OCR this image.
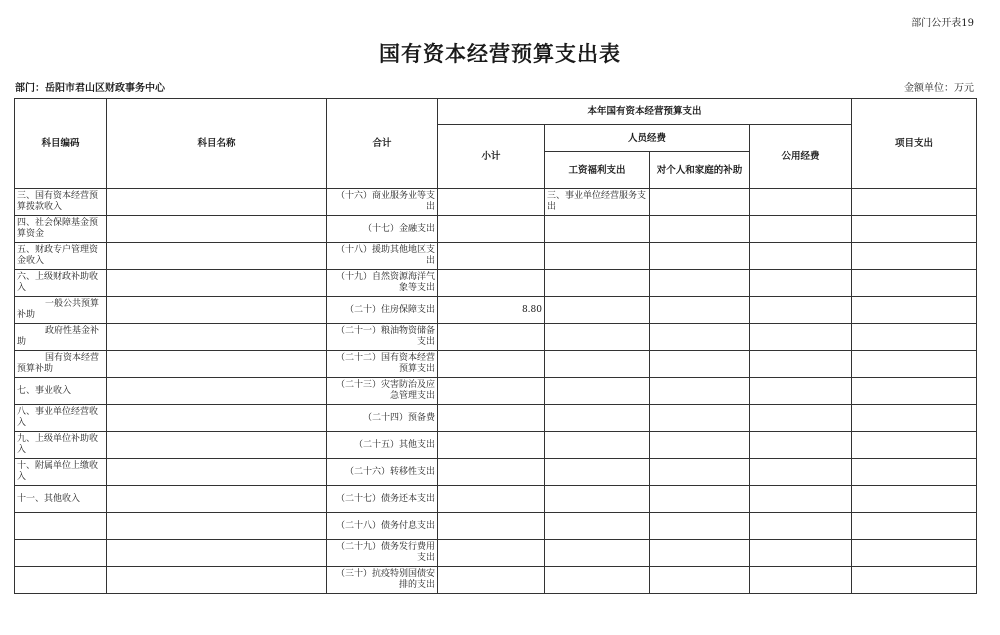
部门公开表19
国有资本经营预算支出表
部门：岳阳市君山区财政事务中心	金额单位：万元
科目编码	科目名称	合计	本年国有资本经营预算支出				项目支出
			小计	人员经费		公用经费	
				工资福利支出	对个人和家庭的补助		
三、国有资本经营预算拨款收入		（十六）商业服务业等支出		三、事业单位经营服务支出			
四、社会保障基金预算资金		（十七）金融支出					
五、财政专户管理资金收入		（十八）援助其他地区支出					
六、上级财政补助收入		（十九）自然资源海洋气象等支出					
一般公共预算补助		（二十）住房保障支出	8.80				
政府性基金补助		（二十一）粮油物资储备支出					
国有资本经营预算补助		（二十二）国有资本经营预算支出					
七、事业收入		（二十三）灾害防治及应急管理支出					
八、事业单位经营收入		（二十四）预备费					
九、上级单位补助收入		（二十五）其他支出					
十、附属单位上缴收入		（二十六）转移性支出					
十一、其他收入		（二十七）债务还本支出					
		（二十八）债务付息支出					
		（二十九）债务发行费用支出					
		（三十）抗疫特别国债安排的支出					
